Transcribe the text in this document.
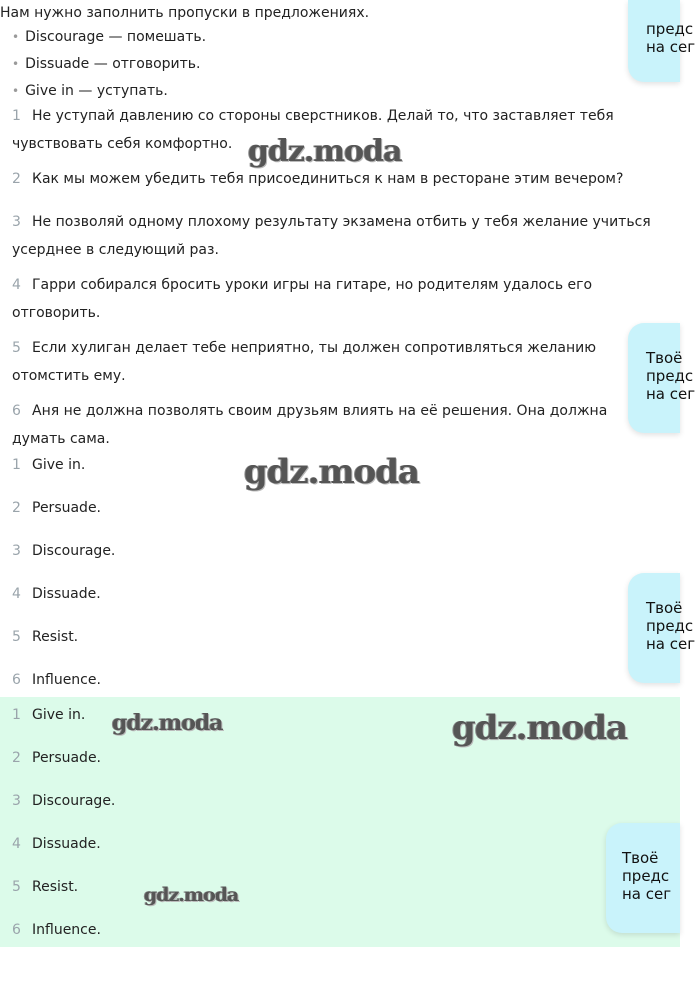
Нам нужно заполнить пропуски в предложениях.
• Discourage — помешать.
• Dissuade — отговорить.
• Give in — уступать.
1 Не уступай давлению со стороны сверстников. Делай то, что заставляет тебя чувствовать себя комфортно.
2 Как мы можем убедить тебя присоединиться к нам в ресторане этим вечером?
3 Не позволяй одному плохому результату экзамена отбить у тебя желание учиться усерднее в следующий раз.
4 Гарри собирался бросить уроки игры на гитаре, но родителям удалось его отговорить.
5 Если хулиган делает тебе неприятно, ты должен сопротивляться желанию отомстить ему.
6 Аня не должна позволять своим друзьям влиять на её решения. Она должна думать сама.
1 Give in.
2 Persuade.
3 Discourage.
4 Dissuade.
5 Resist.
6 Influence.
1 Give in.
2 Persuade.
3 Discourage.
4 Dissuade.
5 Resist.
6 Influence.
gdz.moda
gdz.moda
gdz.moda	gdz.moda
gdz.moda
предс
на сег
Твоё
предс
на сег
Твоё
предс
на сег
Твоё
предс
на сег
